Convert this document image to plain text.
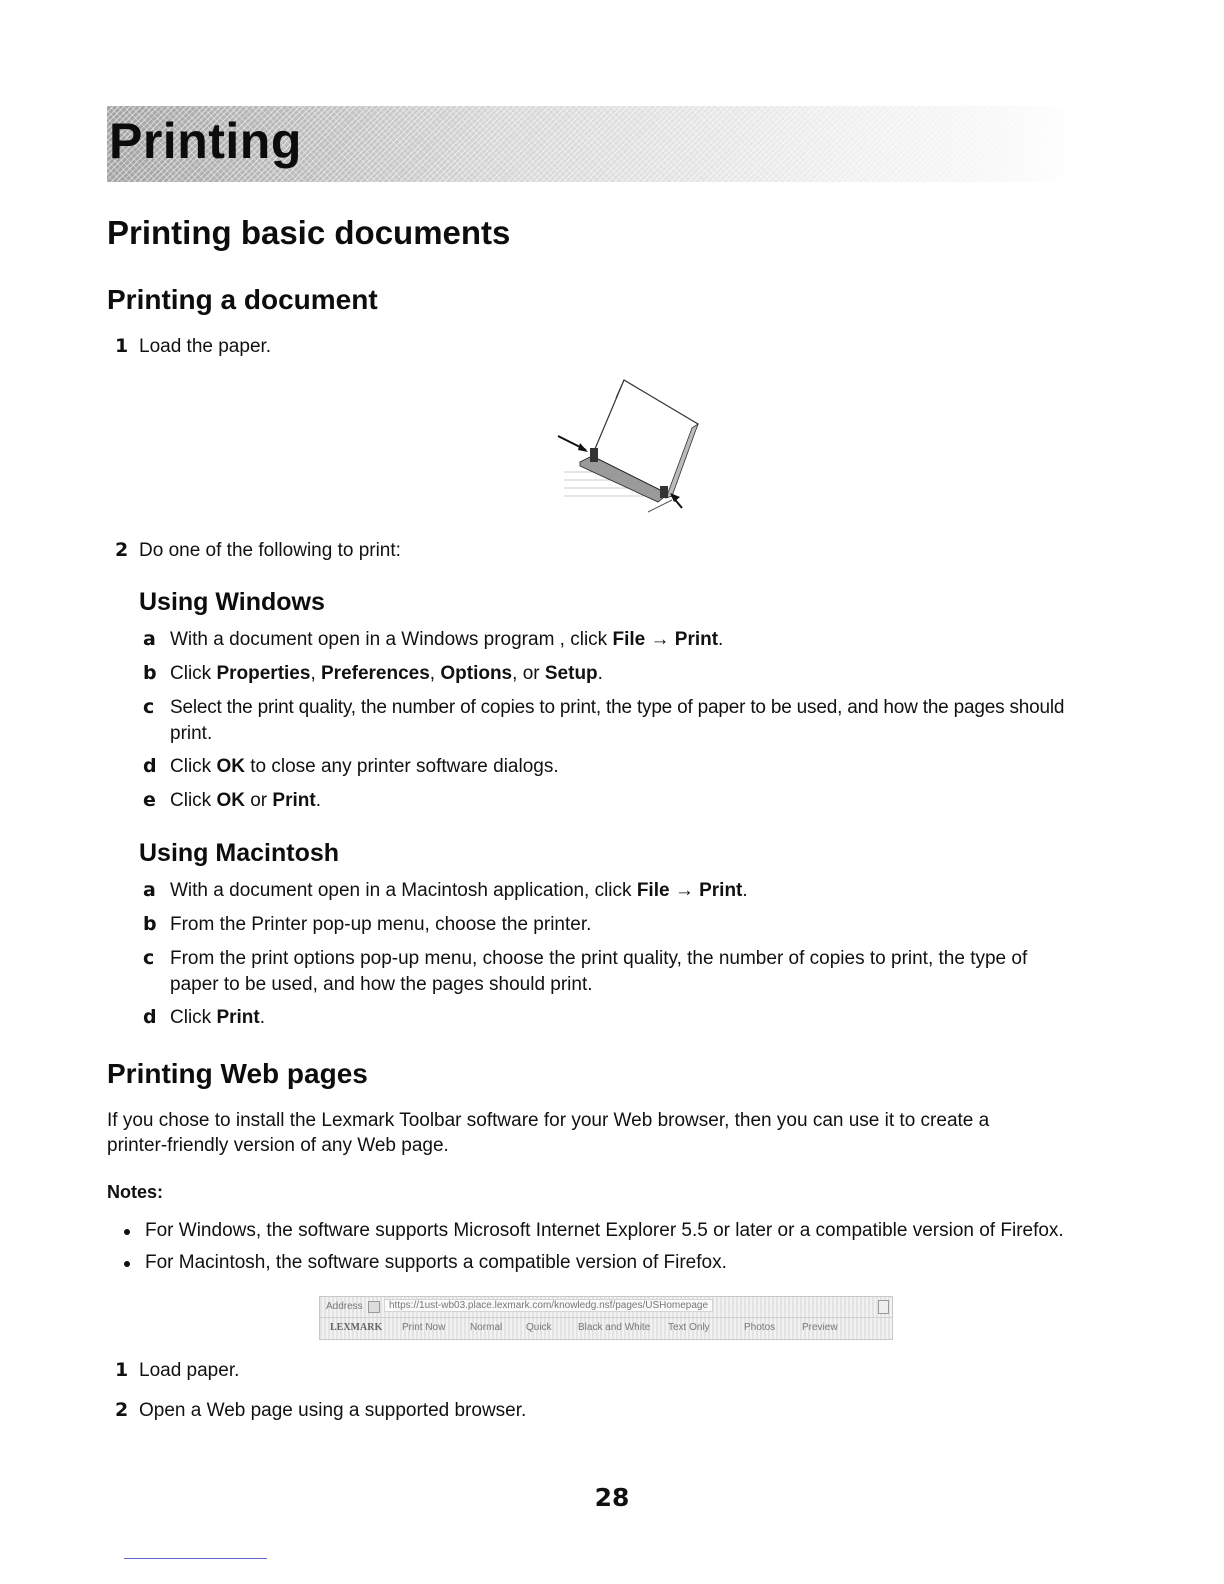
Printing
Printing basic documents
Printing a document
1 Load the paper.
2 Do one of the following to print:
Using Windows
a With a document open in a Windows program , click File → Print.
b Click Properties, Preferences, Options, or Setup.
c Select the print quality, the number of copies to print, the type of paper to be used, and how the pages should
print.
d Click OK to close any printer software dialogs.
e Click OK or Print.
Using Macintosh
a With a document open in a Macintosh application, click File → Print.
b From the Printer pop-up menu, choose the printer.
c From the print options pop-up menu, choose the print quality, the number of copies to print, the type of
paper to be used, and how the pages should print.
d Click Print.
Printing Web pages
If you chose to install the Lexmark Toolbar software for your Web browser, then you can use it to create a
printer-friendly version of any Web page.
Notes:
For Windows, the software supports Microsoft Internet Explorer 5.5 or later or a compatible version of Firefox.
For Macintosh, the software supports a compatible version of Firefox.
Address	https://1ust-wb03.place.lexmark.com/knowledg.nsf/pages/USHomepage
LEXMARK Print Now Normal Quick	Black and White Text Only	Photos	Preview
1 Load paper.
2 Open a Web page using a supported browser.
28
